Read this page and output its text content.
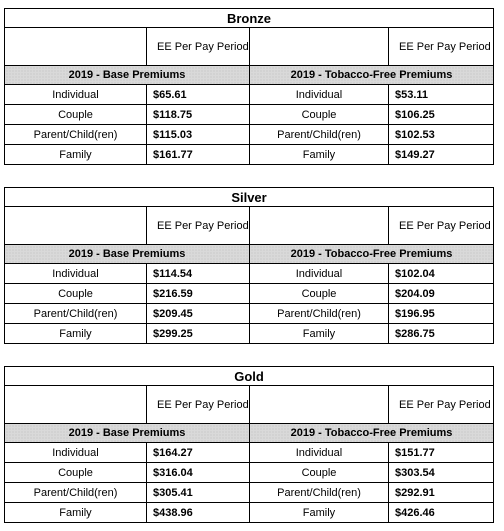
Bronze			
	EE Per Pay Period		EE Per Pay Period
2019 - Base Premiums		2019 - Tobacco-Free Premiums	
Individual	$65.61	Individual	$53.11
Couple	$118.75	Couple	$106.25
Parent/Child(ren)	$115.03	Parent/Child(ren)	$102.53
Family	$161.77	Family	$149.27
Silver			
	EE Per Pay Period		EE Per Pay Period
2019 - Base Premiums		2019 - Tobacco-Free Premiums	
Individual	$114.54	Individual	$102.04
Couple	$216.59	Couple	$204.09
Parent/Child(ren)	$209.45	Parent/Child(ren)	$196.95
Family	$299.25	Family	$286.75
Gold			
	EE Per Pay Period		EE Per Pay Period
2019 - Base Premiums		2019 - Tobacco-Free Premiums	
Individual	$164.27	Individual	$151.77
Couple	$316.04	Couple	$303.54
Parent/Child(ren)	$305.41	Parent/Child(ren)	$292.91
Family	$438.96	Family	$426.46
